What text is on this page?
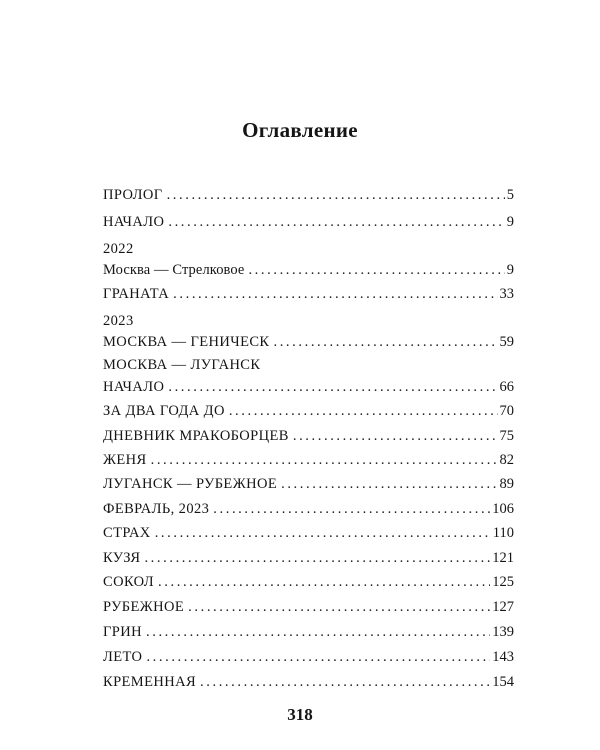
Оглавление
ПРОЛОГ .....	5
НАЧАЛО .....	9
2022
Москва — Стрелковое .....	9
ГРАНАТА .....	33
2023
МОСКВА — ГЕНИЧЕСК .....	59
МОСКВА — ЛУГАНСК
НАЧАЛО .....	66
ЗА ДВА ГОДА ДО .....	70
ДНЕВНИК МРАКОБОРЦЕВ .....	75
ЖЕНЯ .....	82
ЛУГАНСК — РУБЕЖНОЕ .....	89
ФЕВРАЛЬ, 2023 .....	106
СТРАХ .....	110
КУЗЯ .....	121
СОКОЛ .....	125
РУБЕЖНОЕ .....	127
ГРИН .....	139
ЛЕТО .....	143
КРЕМЕННАЯ .....	154
318
